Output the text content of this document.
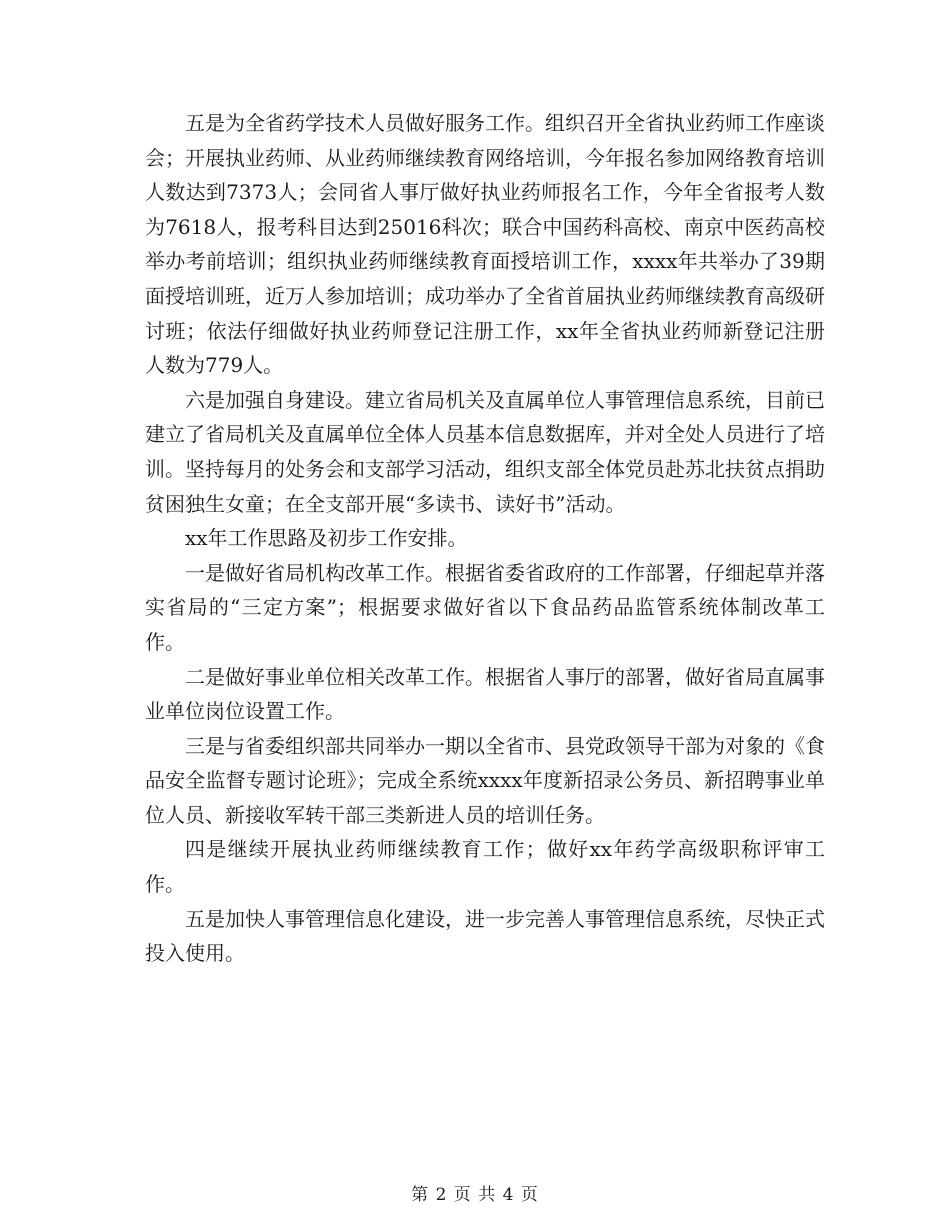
五是为全省药学技术人员做好服务工作。组织召开全省执业药师工作座谈会；开展执业药师、从业药师继续教育网络培训，今年报名参加网络教育培训人数达到7373人；会同省人事厅做好执业药师报名工作，今年全省报考人数为7618人，报考科目达到25016科次；联合中国药科高校、南京中医药高校举办考前培训；组织执业药师继续教育面授培训工作，xxxx年共举办了39期面授培训班，近万人参加培训；成功举办了全省首届执业药师继续教育高级研讨班；依法仔细做好执业药师登记注册工作，xx年全省执业药师新登记注册人数为779人。

六是加强自身建设。建立省局机关及直属单位人事管理信息系统，目前已建立了省局机关及直属单位全体人员基本信息数据库，并对全处人员进行了培训。坚持每月的处务会和支部学习活动，组织支部全体党员赴苏北扶贫点捐助贫困独生女童；在全支部开展“多读书、读好书”活动。

xx年工作思路及初步工作安排。

一是做好省局机构改革工作。根据省委省政府的工作部署，仔细起草并落实省局的“三定方案”；根据要求做好省以下食品药品监管系统体制改革工作。

二是做好事业单位相关改革工作。根据省人事厅的部署，做好省局直属事业单位岗位设置工作。

三是与省委组织部共同举办一期以全省市、县党政领导干部为对象的《食品安全监督专题讨论班》；完成全系统xxxx年度新招录公务员、新招聘事业单位人员、新接收军转干部三类新进人员的培训任务。

四是继续开展执业药师继续教育工作；做好xx年药学高级职称评审工作。

五是加快人事管理信息化建设，进一步完善人事管理信息系统，尽快正式投入使用。

第 2 页 共 4 页
